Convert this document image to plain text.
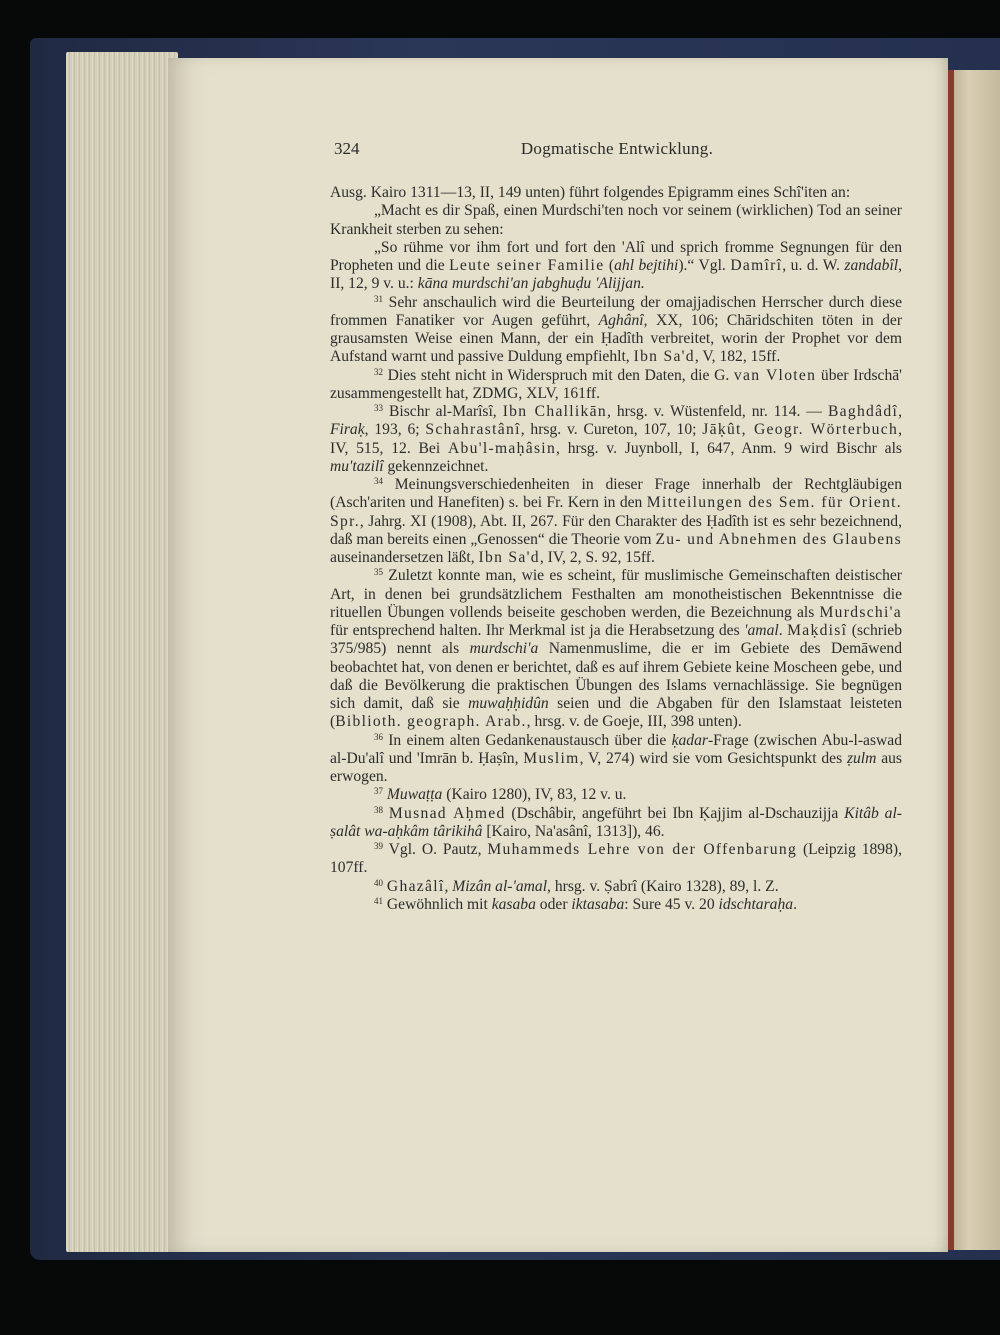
324	Dogmatische Entwicklung.

Ausg. Kairo 1311—13, II, 149 unten) führt folgendes Epigramm eines Schî'iten an:

„Macht es dir Spaß, einen Murdschi'ten noch vor seinem (wirklichen) Tod an seiner Krankheit sterben zu sehen:

„So rühme vor ihm fort und fort den 'Alî und sprich fromme Segnungen für den Propheten und die Leute seiner Familie (ahl bejtihi).“ Vgl. Damîrî, u. d. W. zandabîl, II, 12, 9 v. u.: kāna murdschi'an jabghuḍu 'Alijjan.

$^{31}$ Sehr anschaulich wird die Beurteilung der omajjadischen Herrscher durch diese frommen Fanatiker vor Augen geführt, Aghânî, XX, 106; Chāridschiten töten in der grausamsten Weise einen Mann, der ein Ḥadîth verbreitet, worin der Prophet vor dem Aufstand warnt und passive Duldung empfiehlt, Ibn Sa'd, V, 182, 15ff.

$^{32}$ Dies steht nicht in Widerspruch mit den Daten, die G. van Vloten über Irdschā' zusammengestellt hat, ZDMG, XLV, 161ff.

$^{33}$ Bischr al-Marîsî, Ibn Challikān, hrsg. v. Wüstenfeld, nr. 114. — Baghdâdî, Firaḳ, 193, 6; Schahrastânî, hrsg. v. Cureton, 107, 10; Jāḳût, Geogr. Wörterbuch, IV, 515, 12. Bei Abu'l-maḥâsin, hrsg. v. Juynboll, I, 647, Anm. 9 wird Bischr als mu'tazilî gekennzeichnet.

$^{34}$ Meinungsverschiedenheiten in dieser Frage innerhalb der Rechtgläubigen (Asch'ariten und Hanefiten) s. bei Fr. Kern in den Mitteilungen des Sem. für Orient. Spr., Jahrg. XI (1908), Abt. II, 267. Für den Charakter des Ḥadîth ist es sehr bezeichnend, daß man bereits einen „Genossen“ die Theorie vom Zu- und Abnehmen des Glaubens auseinandersetzen läßt, Ibn Sa'd, IV, 2, S. 92, 15ff.

$^{35}$ Zuletzt konnte man, wie es scheint, für muslimische Gemeinschaften deistischer Art, in denen bei grundsätzlichem Festhalten am monotheistischen Bekenntnisse die rituellen Übungen vollends beiseite geschoben werden, die Bezeichnung als Murdschi'a für entsprechend halten. Ihr Merkmal ist ja die Herabsetzung des 'amal. Maḳdisî (schrieb 375/985) nennt als murdschi'a Namenmuslime, die er im Gebiete des Demāwend beobachtet hat, von denen er berichtet, daß es auf ihrem Gebiete keine Moscheen gebe, und daß die Bevölkerung die praktischen Übungen des Islams vernachlässige. Sie begnügen sich damit, daß sie muwaḥḥidûn seien und die Abgaben für den Islamstaat leisteten (Biblioth. geograph. Arab., hrsg. v. de Goeje, III, 398 unten).

$^{36}$ In einem alten Gedankenaustausch über die ḳadar-Frage (zwischen Abu-l-aswad al-Du'alî und 'Imrān b. Ḥaṣîn, Muslim, V, 274) wird sie vom Gesichtspunkt des ẓulm aus erwogen.

$^{37}$ Muwaṭṭa (Kairo 1280), IV, 83, 12 v. u.

$^{38}$ Musnad Aḥmed (Dschâbir, angeführt bei Ibn Ḳajjim al-Dschauzijja Kitâb al-ṣalât wa-aḥkâm târikihâ [Kairo, Na'asânî, 1313]), 46.

$^{39}$ Vgl. O. Pautz, Muhammeds Lehre von der Offenbarung (Leipzig 1898), 107ff.

$^{40}$ Ghazâlî, Mizân al-'amal, hrsg. v. Ṣabrî (Kairo 1328), 89, l. Z.

$^{41}$ Gewöhnlich mit kasaba oder iktasaba: Sure 45 v. 20 idschtaraḥa.
